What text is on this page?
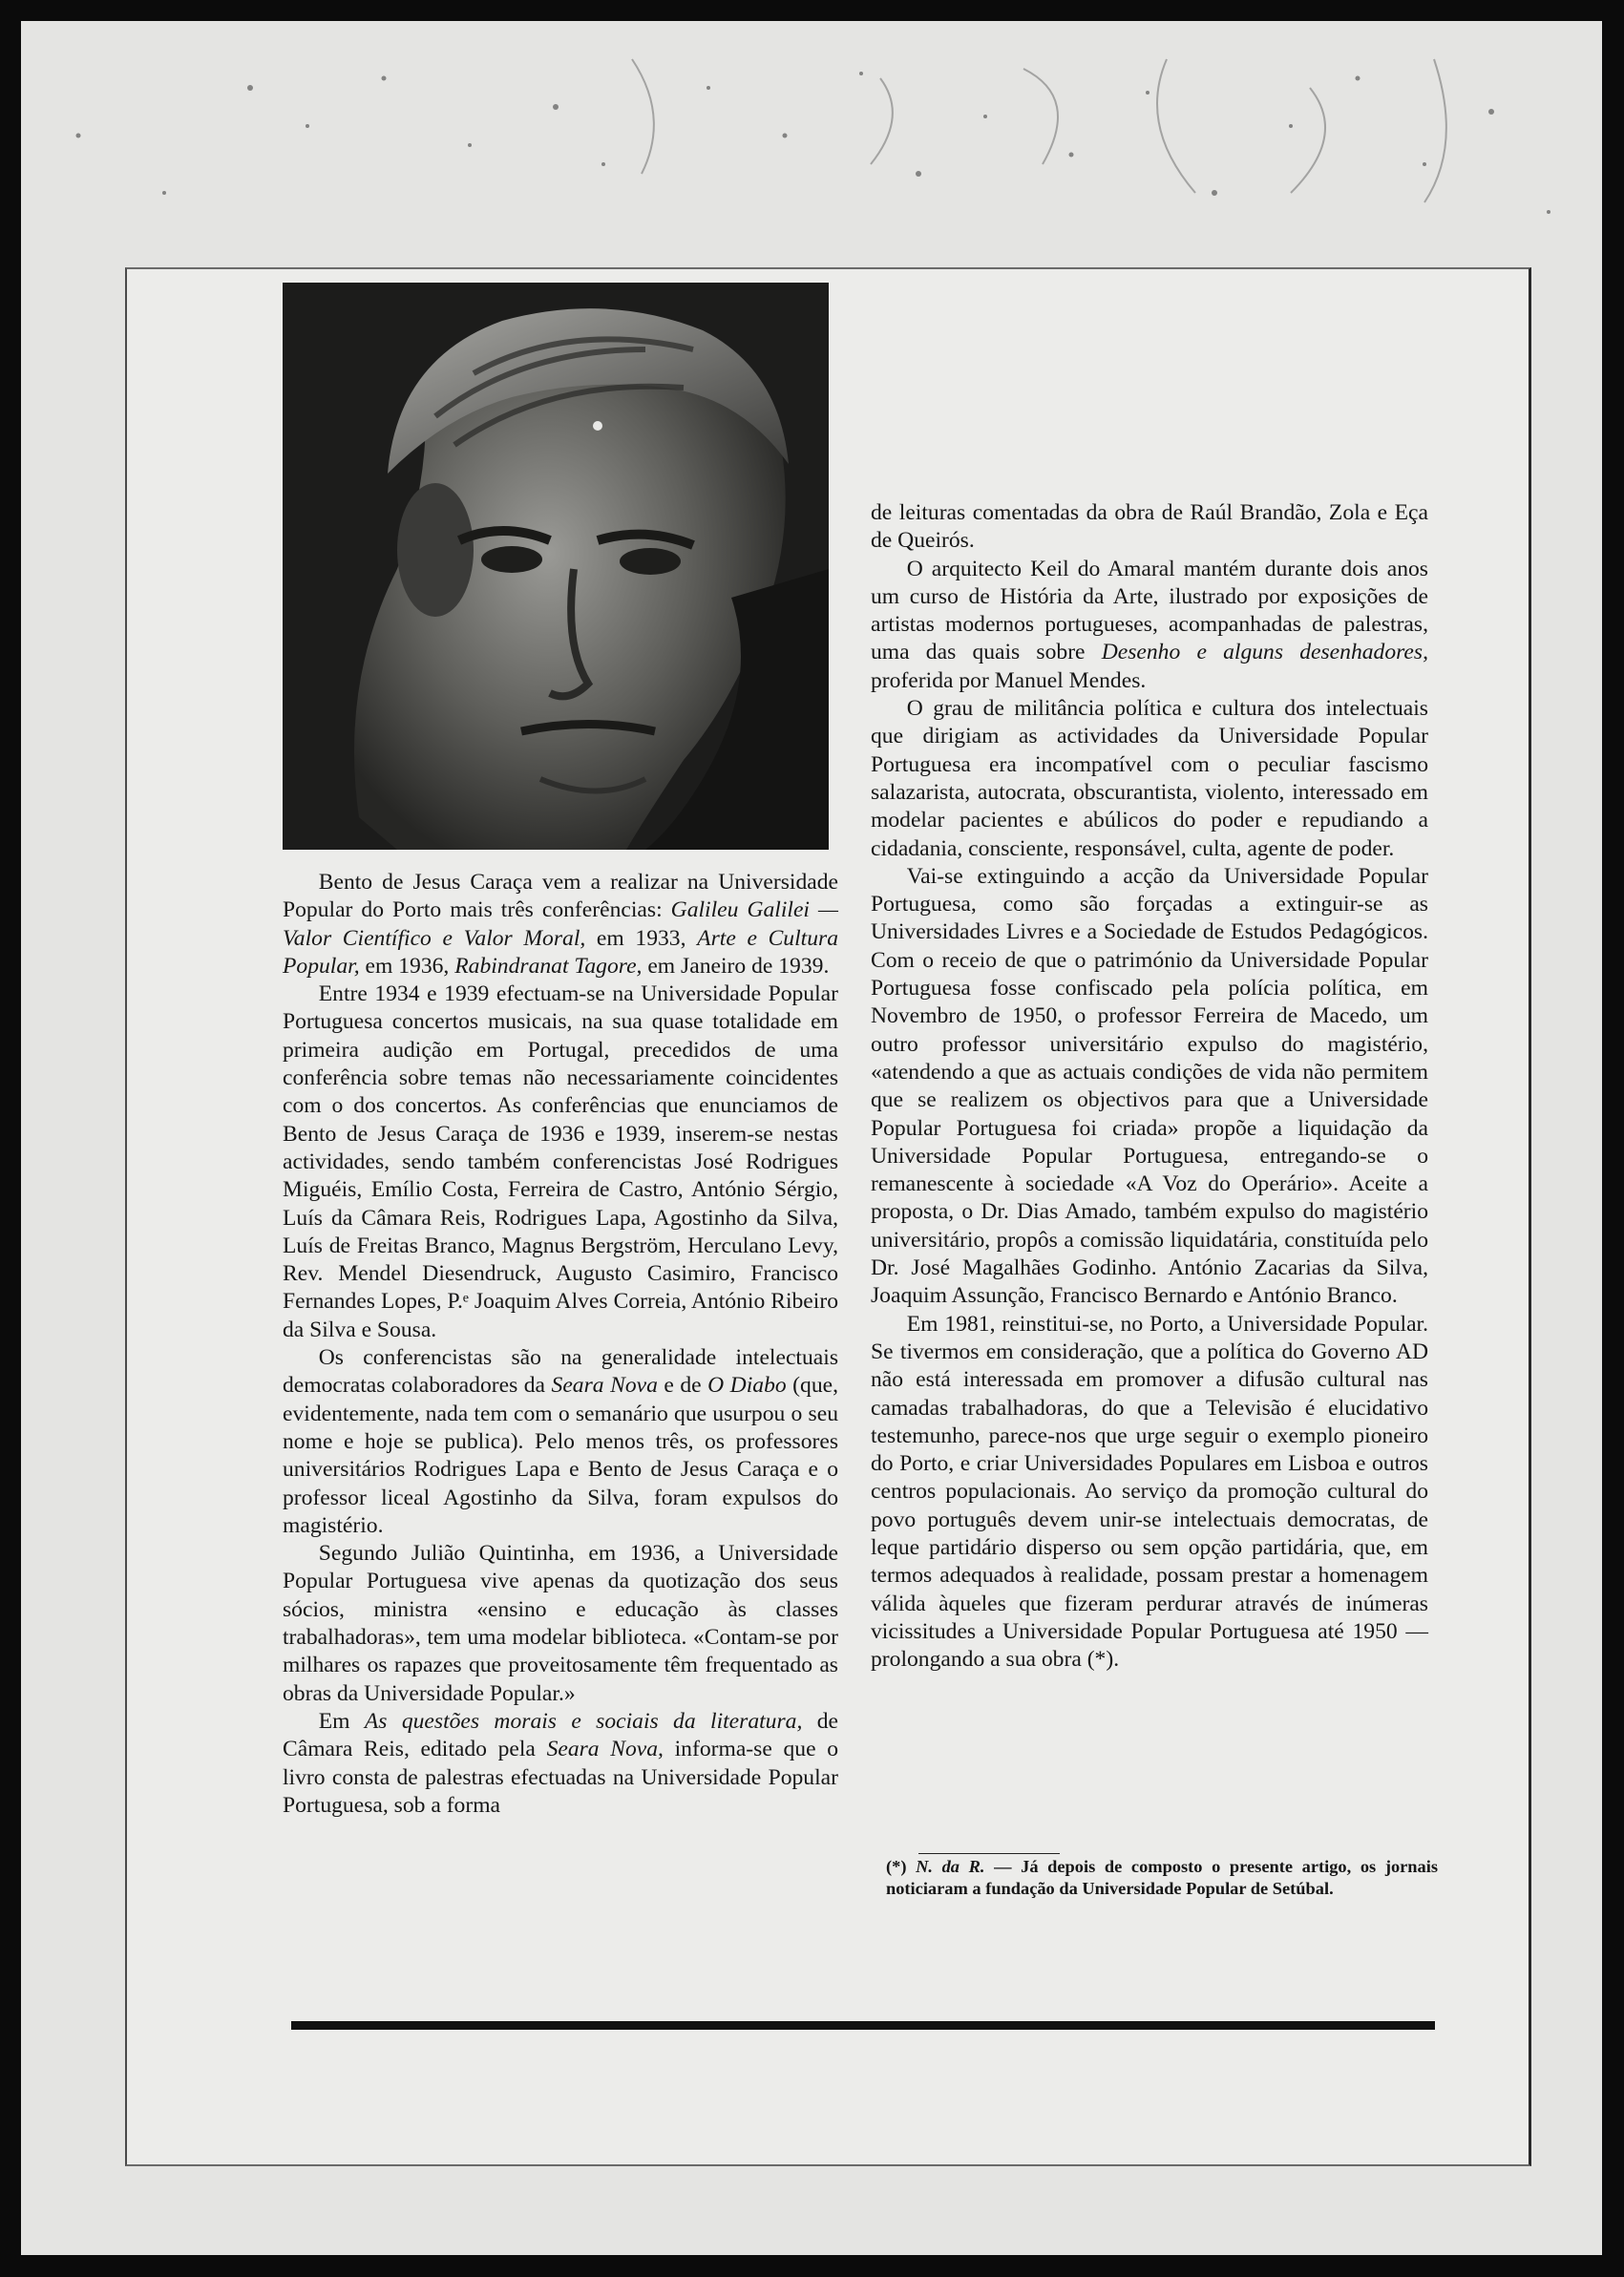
Bento de Jesus Caraça vem a realizar na Universidade Popular do Porto mais três conferências: Galileu Galilei — Valor Científico e Valor Moral, em 1933, Arte e Cultura Popular, em 1936, Rabindranat Tagore, em Janeiro de 1939.

Entre 1934 e 1939 efectuam-se na Universidade Popular Portuguesa concertos musicais, na sua quase totalidade em primeira audição em Portugal, precedidos de uma conferência sobre temas não necessariamente coincidentes com o dos concertos. As conferências que enunciamos de Bento de Jesus Caraça de 1936 e 1939, inserem-se nestas actividades, sendo também conferencistas José Rodrigues Miguéis, Emílio Costa, Ferreira de Castro, António Sérgio, Luís da Câmara Reis, Rodrigues Lapa, Agostinho da Silva, Luís de Freitas Branco, Magnus Bergström, Herculano Levy, Rev. Mendel Diesendruck, Augusto Casimiro, Francisco Fernandes Lopes, P.ᵉ Joaquim Alves Correia, António Ribeiro da Silva e Sousa.

Os conferencistas são na generalidade intelectuais democratas colaboradores da Seara Nova e de O Diabo (que, evidentemente, nada tem com o semanário que usurpou o seu nome e hoje se publica). Pelo menos três, os professores universitários Rodrigues Lapa e Bento de Jesus Caraça e o professor liceal Agostinho da Silva, foram expulsos do magistério.

Segundo Julião Quintinha, em 1936, a Universidade Popular Portuguesa vive apenas da quotização dos seus sócios, ministra «ensino e educação às classes trabalhadoras», tem uma modelar biblioteca. «Contam-se por milhares os rapazes que proveitosamente têm frequentado as obras da Universidade Popular.»

Em As questões morais e sociais da literatura, de Câmara Reis, editado pela Seara Nova, informa-se que o livro consta de palestras efectuadas na Universidade Popular Portuguesa, sob a forma

de leituras comentadas da obra de Raúl Brandão, Zola e Eça de Queirós.

O arquitecto Keil do Amaral mantém durante dois anos um curso de História da Arte, ilustrado por exposições de artistas modernos portugueses, acompanhadas de palestras, uma das quais sobre Desenho e alguns desenhadores, proferida por Manuel Mendes.

O grau de militância política e cultura dos intelectuais que dirigiam as actividades da Universidade Popular Portuguesa era incompatível com o peculiar fascismo salazarista, autocrata, obscurantista, violento, interessado em modelar pacientes e abúlicos do poder e repudiando a cidadania, consciente, responsável, culta, agente de poder.

Vai-se extinguindo a acção da Universidade Popular Portuguesa, como são forçadas a extinguir-se as Universidades Livres e a Sociedade de Estudos Pedagógicos. Com o receio de que o património da Universidade Popular Portuguesa fosse confiscado pela polícia política, em Novembro de 1950, o professor Ferreira de Macedo, um outro professor universitário expulso do magistério, «atendendo a que as actuais condições de vida não permitem que se realizem os objectivos para que a Universidade Popular Portuguesa foi criada» propõe a liquidação da Universidade Popular Portuguesa, entregando-se o remanescente à sociedade «A Voz do Operário». Aceite a proposta, o Dr. Dias Amado, também expulso do magistério universitário, propôs a comissão liquidatária, constituída pelo Dr. José Magalhães Godinho. António Zacarias da Silva, Joaquim Assunção, Francisco Bernardo e António Branco.

Em 1981, reinstitui-se, no Porto, a Universidade Popular. Se tivermos em consideração, que a política do Governo AD não está interessada em promover a difusão cultural nas camadas trabalhadoras, do que a Televisão é elucidativo testemunho, parece-nos que urge seguir o exemplo pioneiro do Porto, e criar Universidades Populares em Lisboa e outros centros populacionais. Ao serviço da promoção cultural do povo português devem unir-se intelectuais democratas, de leque partidário disperso ou sem opção partidária, que, em termos adequados à realidade, possam prestar a homenagem válida àqueles que fizeram perdurar através de inúmeras vicissitudes a Universidade Popular Portuguesa até 1950 — prolongando a sua obra (*).

(*) N. da R. — Já depois de composto o presente artigo, os jornais noticiaram a fundação da Universidade Popular de Setúbal.
